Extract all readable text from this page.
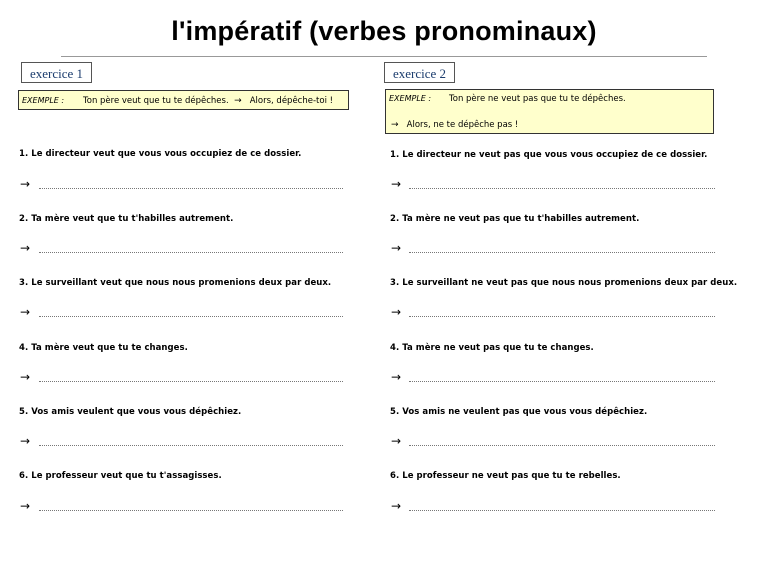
l'impératif (verbes pronominaux)
exercice 1
EXEMPLE : Ton père veut que tu te dépêches. → Alors, dépêche-toi !
1. Le directeur veut que vous vous occupiez de ce dossier.
→
2. Ta mère veut que tu t'habilles autrement.
→
3. Le surveillant veut que nous nous promenions deux par deux.
→
4. Ta mère veut que tu te changes.
→
5. Vos amis veulent que vous vous dépêchiez.
→
6. Le professeur veut que tu t'assagisses.
→
exercice 2
EXEMPLE : Ton père ne veut pas que tu te dépêches.
→ Alors, ne te dépêche pas !
1. Le directeur ne veut pas que vous vous occupiez de ce dossier.
→
2. Ta mère ne veut pas que tu t'habilles autrement.
→
3. Le surveillant ne veut pas que nous nous promenions deux par deux.
→
4. Ta mère ne veut pas que tu te changes.
→
5. Vos amis ne veulent pas que vous vous dépêchiez.
→
6. Le professeur ne veut pas que tu te rebelles.
→
